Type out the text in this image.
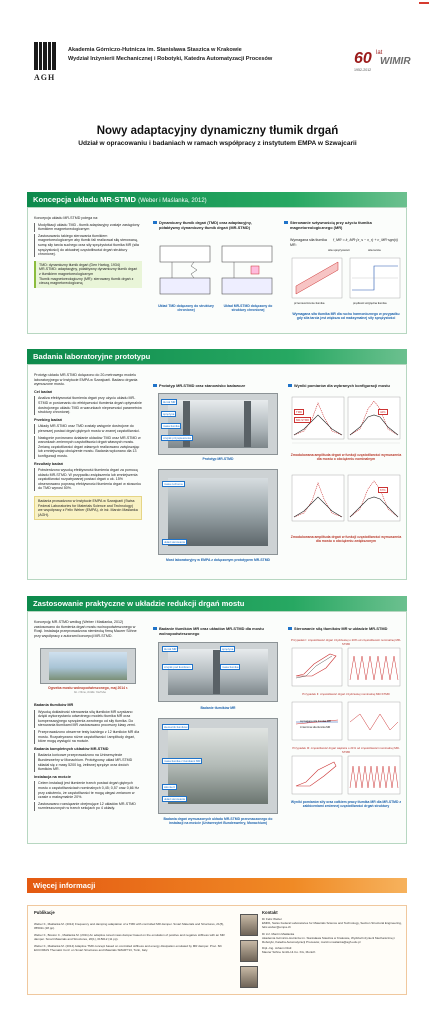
AGH
Akademia Górniczo-Hutnicza im. Stanisława Staszica w Krakowie
Wydział Inżynierii Mechanicznej i Robotyki, Katedra Automatyzacji Procesów	60 lat
WIMIR
1952-2012
Nowy adaptacyjny dynamiczny tłumik drgań
Udział w opracowaniu i badaniach w ramach współpracy z instytutem EMPA w Szwajcarii
Koncepcja układu MR-STMD (Weber i Maślanka, 2012)
Koncepcja układu MR-STMD polega na:
Modyfikacji układu TMD - tłumik adaptacyjny zostaje zastąpiony tłumikiem magnetoreologicznym
Zastosowaniu takiego sterowania tłumikiem magnetoreologicznym aby tłumik fali realizował siłę sterowaną, sumę siły tarcia suchego oraz siły sprężystości tłumika MR (siła sprężystości) do aktualnej częstotliwości drgań struktury chronionej.
TMD: dynamiczny tłumik drgań (Den Hartog, 1934)
MR-STMD: adaptacyjny, półaktywny dynamiczny tłumik drgań z tłumikiem magnetoreologicznym
Tłumik magnetoreologiczny (MR): sterowany tłumik drgań z cieczą magnetoreologiczną
Dynamiczny tłumik drgań (TMD) oraz adaptacyjny, półaktywny dynamiczny tłumik drgań (MR-STMD)
Układ TMD dołączony do struktury chronionej
Układ MR-STMD dołączony do struktury chronionej
Sterowanie sztywnością przy użyciu tłumika magnetoreologicznego (MR)
Wymagana siła tłumika MR:
f_MR = k_MR·(x_s − x_r) + c_MR·sgn(ẋ)
siła sprężystości	siła tarcia
przemieszczenie tłumika	prędkość względna tłumika
Wymagana siła tłumika MR dla ruchu harmonicznego w przypadku gdy siła tarcia jest większa od maksymalnej siły sprężystości
Badania laboratoryjne prototypu
Prototyp układu MR-STMD dołączono do 20-metrowego modelu laboratoryjnego w Instytucie EMPA w Szwajcarii. Badano drgania wymuszone mostu.
Cel badań
Analiza efektywności tłumienia drgań przy użyciu układu MR-STMD w porównaniu do efektywności tłumienia drgań optymalnie dostrojonego układu TMD w warunkach niepewności parametrów struktury chronionej.
Przebieg badań
Układy MR-STMD oraz TMD zostały wstępnie dostrojone do pierwszej postaci drgań giętnych mostu w znanej częstotliwości.
Następnie porównano działanie układów TMD oraz MR-STMD w warunkach zmiennych częstotliwości drgań własnych mostu. Zmianę częstotliwości drgań własnych realizowano zwiększając lub zmniejszając obciążenie mostu. Badania wykonano dla 13 konfiguracji mostu.
Rezultaty badań
Potwierdzono wysoką efektywność tłumienia drgań za pomocą układu MR-STMD. W przypadku zwiększenia lub zmniejszenia częstotliwości rozpatrywanej postaci drgań o ok. 15% obserwowano poprawę efektywności tłumienia drgań w stosunku do TMD wynosi 50%.
Badania prowadzono w Instytucie EMPA w Szwajcarii (Swiss Federal Laboratories for Materials Science and Technology) we współpracy z Felix Weber (EMPA), dr inż. Marcin Maślanka (AGH).
Prototyp MR-STMD oraz stanowisko badawcze
tłumik MR
sprężyna
masa tłumika
czujnik przyspieszenia
Prototyp MR-STMD
masa ruchoma
układ sterowania
Most laboratoryjny w EMPA z dołączonym prototypem MR-STMD
Wyniki pomiarów dla wybranych konfiguracji mostu
TMD
MR-STMD
44%
Zmodulowana amplituda drgań w funkcji częstotliwości wymuszenia dla mostu o obciążeniu nominalnym
67%
Zmodulowana amplituda drgań w funkcji częstotliwości wymuszenia dla mostu o obciążeniu zwiększonym
Zastosowanie praktyczne w układzie redukcji drgań mostu
Koncepcję MR-STMD według (Weber i Maślanka, 2012) zastosowano do tłumienia drgań mostu wolnopodwieszonego w Rosji. Instalacja przeprowadzona niemiecką firmą Maurer Söhne przy współpracy z autorami koncepcji MR-STMD.
Ogrzeba mostu wolnopodwieszonego, maj 2014 r.
fot. z filmu, źródło: YouTube
Badania tłumików MR
Wysoką dokładność sterowania siłą tłumików MR uzyskano dzięki wykorzystaniu odwrotnego modelu tłumika MR oraz kompensacyjnego sprzężenia zwrotnego od siły tłumika. Do sterowania tłumikami MR zastosowano procesory klasy zemi.
Przeprowadzono obszerne testy każdego z 12 tłumików MR dla mostu. Rozpatrywano różne częstotliwości i amplitudy drgań, które mogą wystąpić na moście.
Badania kompletnych układów MR-STMD
Badania końcowe przeprowadzono na Uniwersytecie Bundeswehry w Monachium. Prototypowy układ MR-STMD składał się z masy 5200 kg, żeliwnej sprężyn oraz dwóch tłumików MR.
Instalacja na moście
Celem instalacji jest tłumienie trzech postaci drgań giętnych mostu o częstotliwościach nominalnych 0,45; 0,57 oraz 0,66 Hz przy założeniu, że częstotliwości te mogą ulegać zmianom w czasie o maksymalnie 20%.
Zastosowano rozwiązanie obejmujące 12 układów MR-STMD rozmieszczonych w trzech sekcjach po 4 układy.
Badanie tłumików MR oraz układów MR-STMD dla mostu wolnopodwieszonego
tłumik MR	sprężyna
czujnik pod tłumikiem	masa tłumika
Badanie tłumików MR
sterownik tłumików
masa tłumika z tłumikami MR
siłomierz
układ sterowania
Badania drgań wymuszonych układu MR-STMD przeznaczonego do instalacji na moście (Uniwersytet Bundeswehry, Monachium)
Sterowanie siłą tłumików MR w układzie MR-STMD
Przypadek I: częstotliwość drgań trzydziestej o 20% od częstotliwości nominalnej MR-STMD
Przypadek II: częstotliwość drgań trzydziestej nominalnej MR-STMD
wymagana siła tłumika MR
zmierzona siła tłumika MR
Przypadek III: częstotliwość drgań większa o 21% od częstotliwości nominalnej MR-STMD
Wyniki pomiarów siły oraz całkiem pracy tłumika MR dla MR-STMD z zakłóceniami zmiennej częstotliwości drgań struktury
Więcej informacji
Publikacje
Weber F., Maślanka M. (2012) Frequency and damping adaptation of a TMD with controlled MR damper. Smart Materials and Structures, 21(5), 055011 (18 pp).
Weber F., Boston C., Maślanka M. (2011) An adaptive tuned mass damper based on the emulation of positive and negative stiffness with an MR damper. Smart Materials and Structures, 20(1), 015012 (11 pp).
Weber F., Maślanka M. (2014) Adaptive TMD concept based on controlled stiffness and energy dissipation emulated by MR damper. Proc. 6th ECCOMAS Thematic Conf. on Smart Structures and Materials SMART'13, Turin, Italy.
Kontakt
Dr Felix Weber
EMPA, Swiss Federal Laboratories for Materials Science and Technology, Section Structural Engineering, felix.weber@empa.ch
Dr inż. Marcin Maślanka
Akademia Górniczo-Hutnicza im. Stanisława Staszica w Krakowie, Wydział Inżynierii Mechanicznej i Robotyki, Katedra Automatyzacji Procesów, marcin.maslanka@agh.edu.pl
Dipl.-Ing. Johann Distl
Maurer Söhne GmbH & Co. KG, Munich
